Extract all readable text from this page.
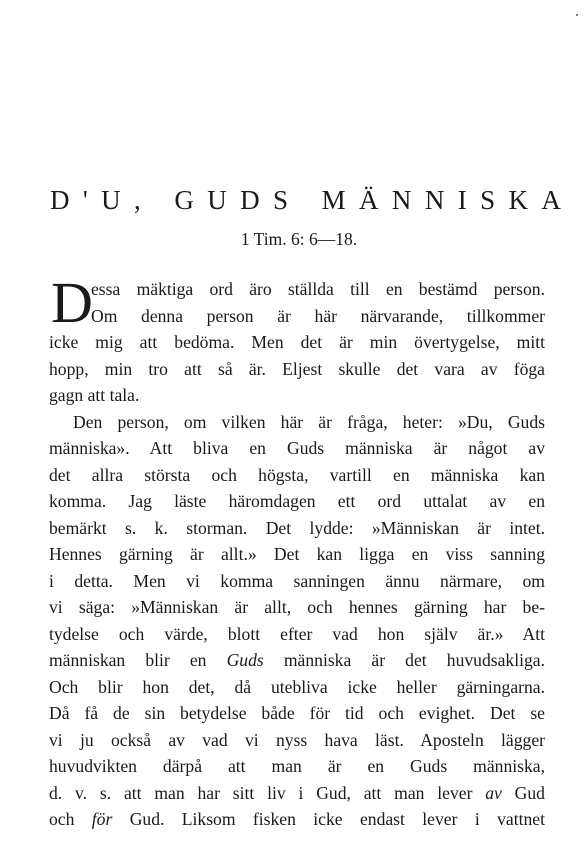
D'U, GUDS MÄNNISKA
1 Tim. 6: 6—18.
D
essa mäktiga ord äro ställda till en bestämd person.
Om denna person är här närvarande, tillkommer
icke mig att bedöma. Men det är min övertygelse, mitt
hopp, min tro att så är. Eljest skulle det vara av föga
gagn att tala.
Den person, om vilken här är fråga, heter: »Du, Guds
människa». Att bliva en Guds människa är något av
det allra största och högsta, vartill en människa kan
komma. Jag läste häromdagen ett ord uttalat av en
bemärkt s. k. storman. Det lydde: »Människan är intet.
Hennes gärning är allt.» Det kan ligga en viss sanning
i detta. Men vi komma sanningen ännu närmare, om
vi säga: »Människan är allt, och hennes gärning har be-
tydelse och värde, blott efter vad hon själv är.» Att
människan blir en Guds människa är det huvudsakliga.
Och blir hon det, då utebliva icke heller gärningarna.
Då få de sin betydelse både för tid och evighet. Det se
vi ju också av vad vi nyss hava läst. Aposteln lägger
huvudvikten därpå att man är en Guds människa,
d. v. s. att man har sitt liv i Gud, att man lever av Gud
och för Gud. Liksom fisken icke endast lever i vattnet
